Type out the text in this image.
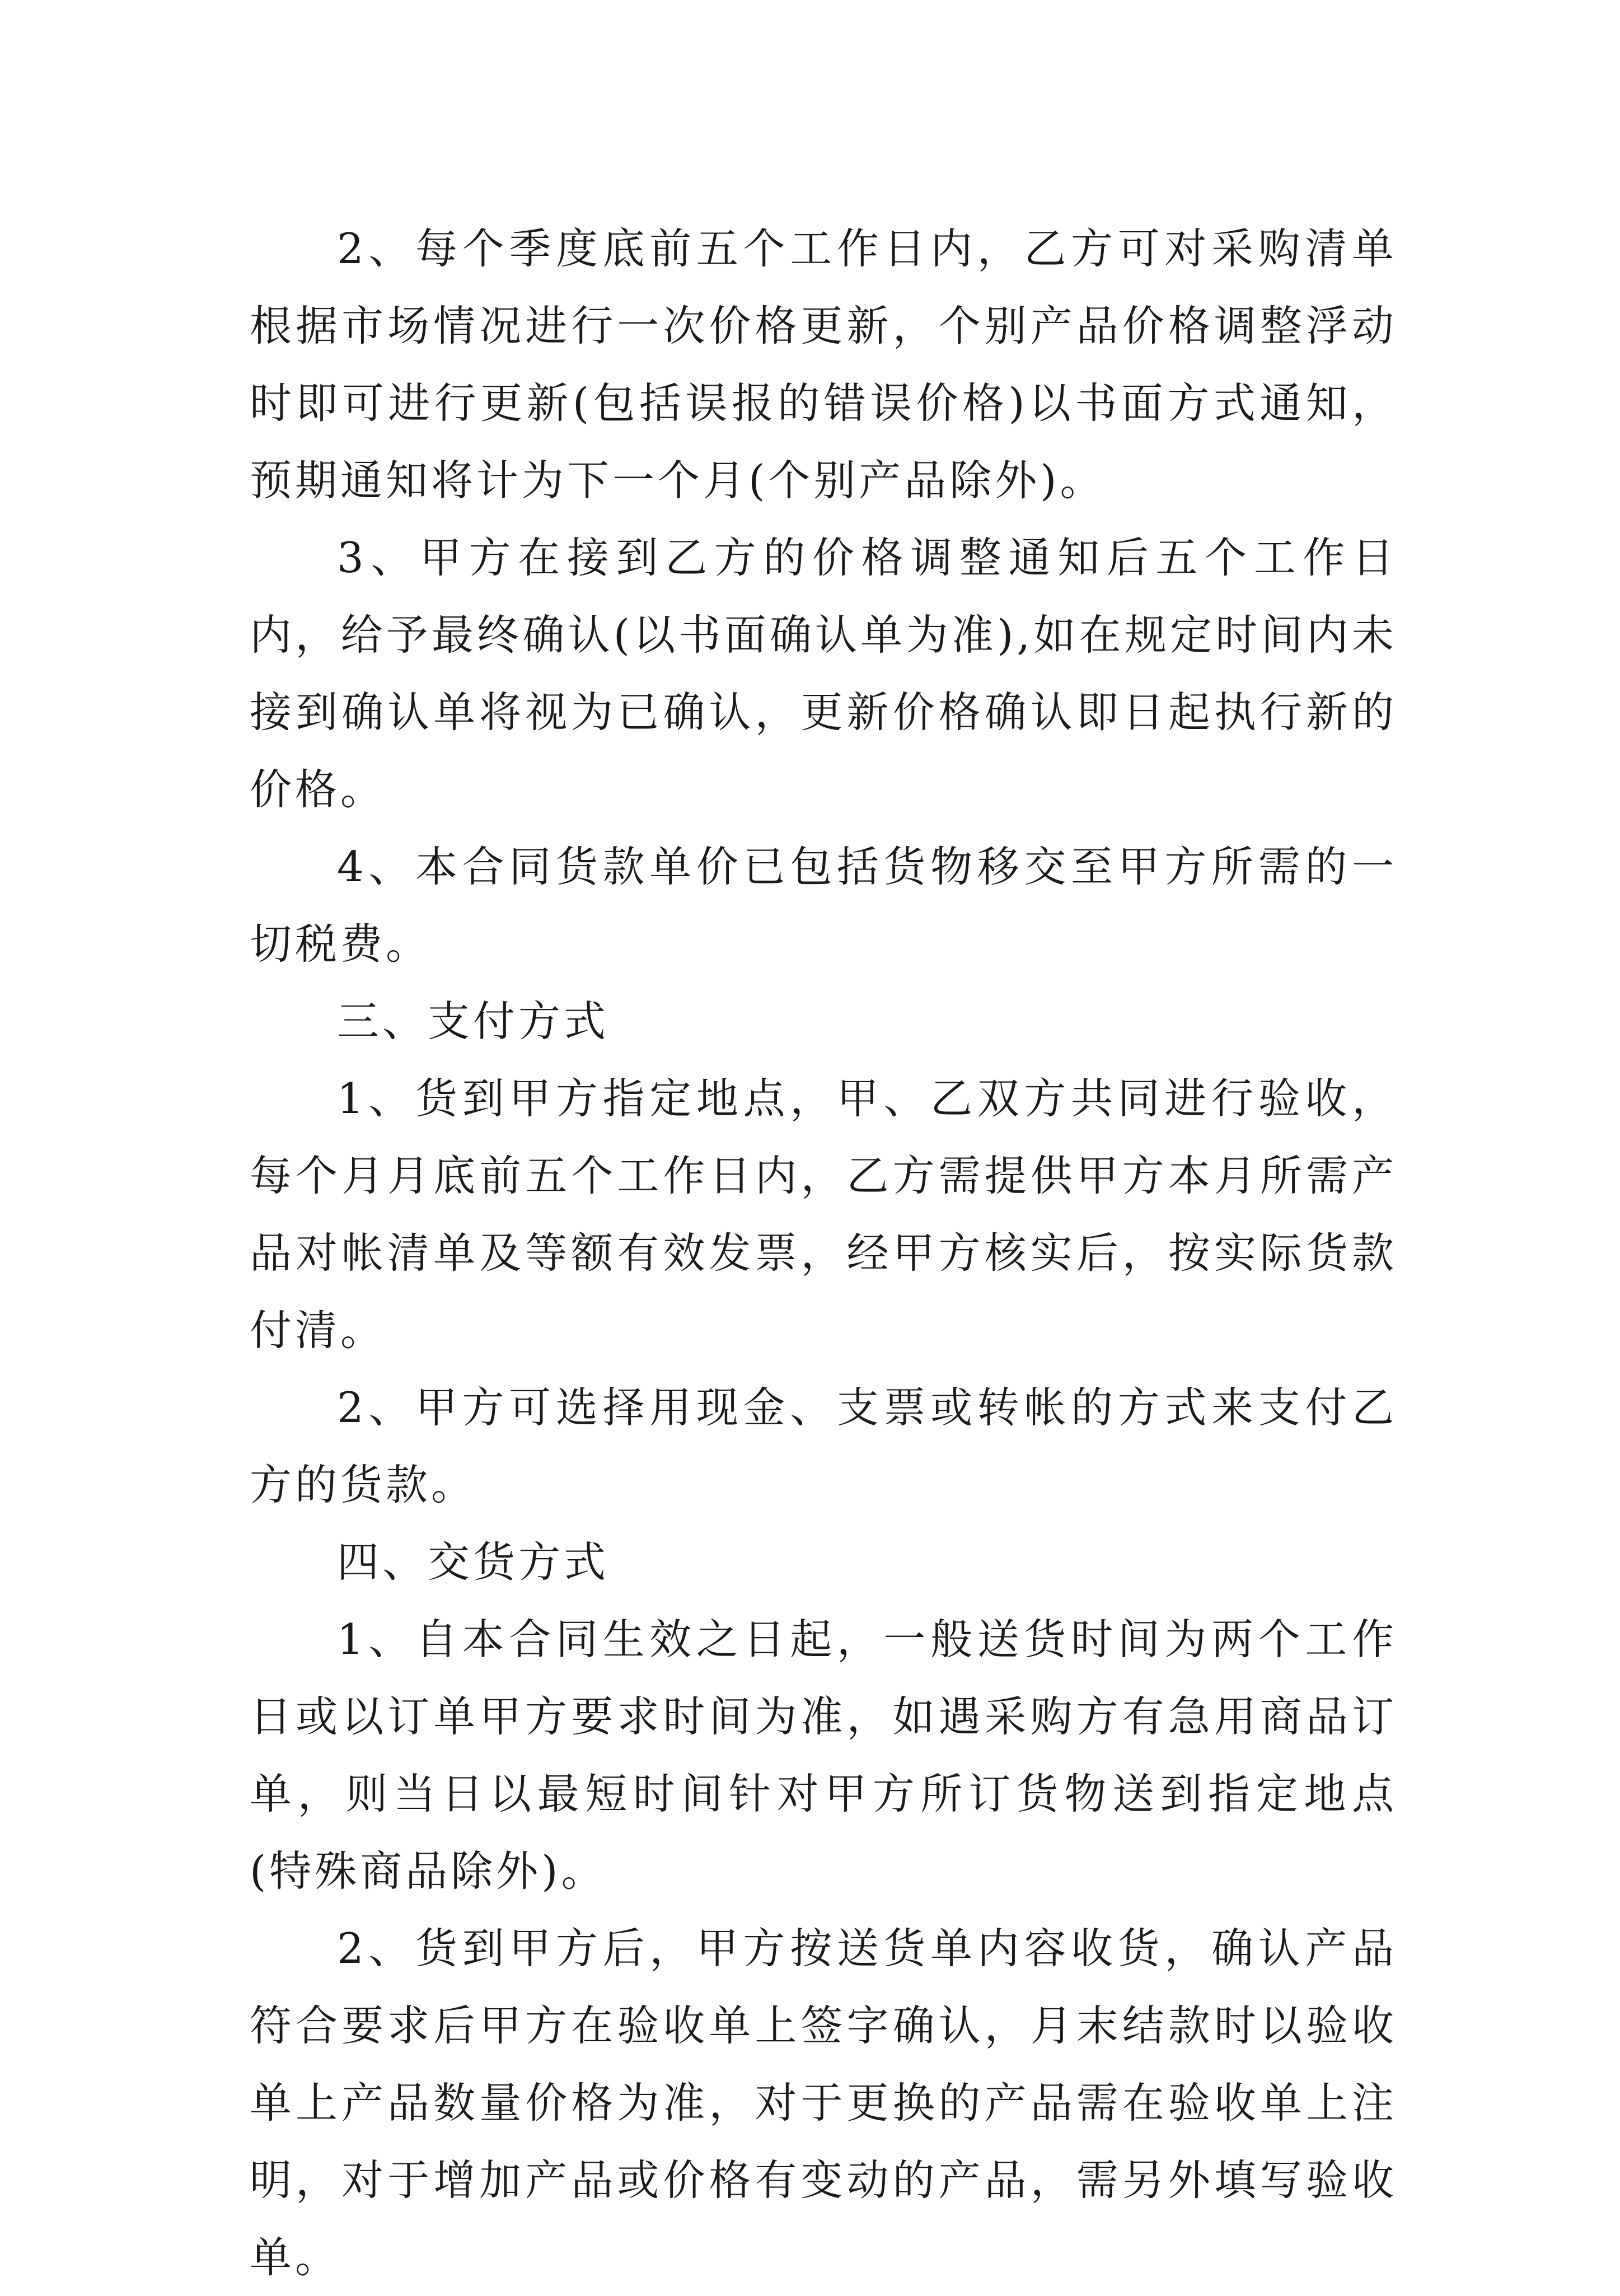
2、每个季度底前五个工作日内，乙方可对采购清单根据市场情况进行一次价格更新，个别产品价格调整浮动时即可进行更新(包括误报的错误价格)以书面方式通知，预期通知将计为下一个月(个别产品除外)。

3、甲方在接到乙方的价格调整通知后五个工作日内，给予最终确认(以书面确认单为准),如在规定时间内未接到确认单将视为已确认，更新价格确认即日起执行新的价格。

4、本合同货款单价已包括货物移交至甲方所需的一切税费。

三、支付方式

1、货到甲方指定地点，甲、乙双方共同进行验收，每个月月底前五个工作日内，乙方需提供甲方本月所需产品对帐清单及等额有效发票，经甲方核实后，按实际货款付清。

2、甲方可选择用现金、支票或转帐的方式来支付乙方的货款。

四、交货方式

1、自本合同生效之日起，一般送货时间为两个工作日或以订单甲方要求时间为准，如遇采购方有急用商品订单，则当日以最短时间针对甲方所订货物送到指定地点(特殊商品除外)。

2、货到甲方后，甲方按送货单内容收货，确认产品符合要求后甲方在验收单上签字确认，月末结款时以验收单上产品数量价格为准，对于更换的产品需在验收单上注明，对于增加产品或价格有变动的产品，需另外填写验收单。
